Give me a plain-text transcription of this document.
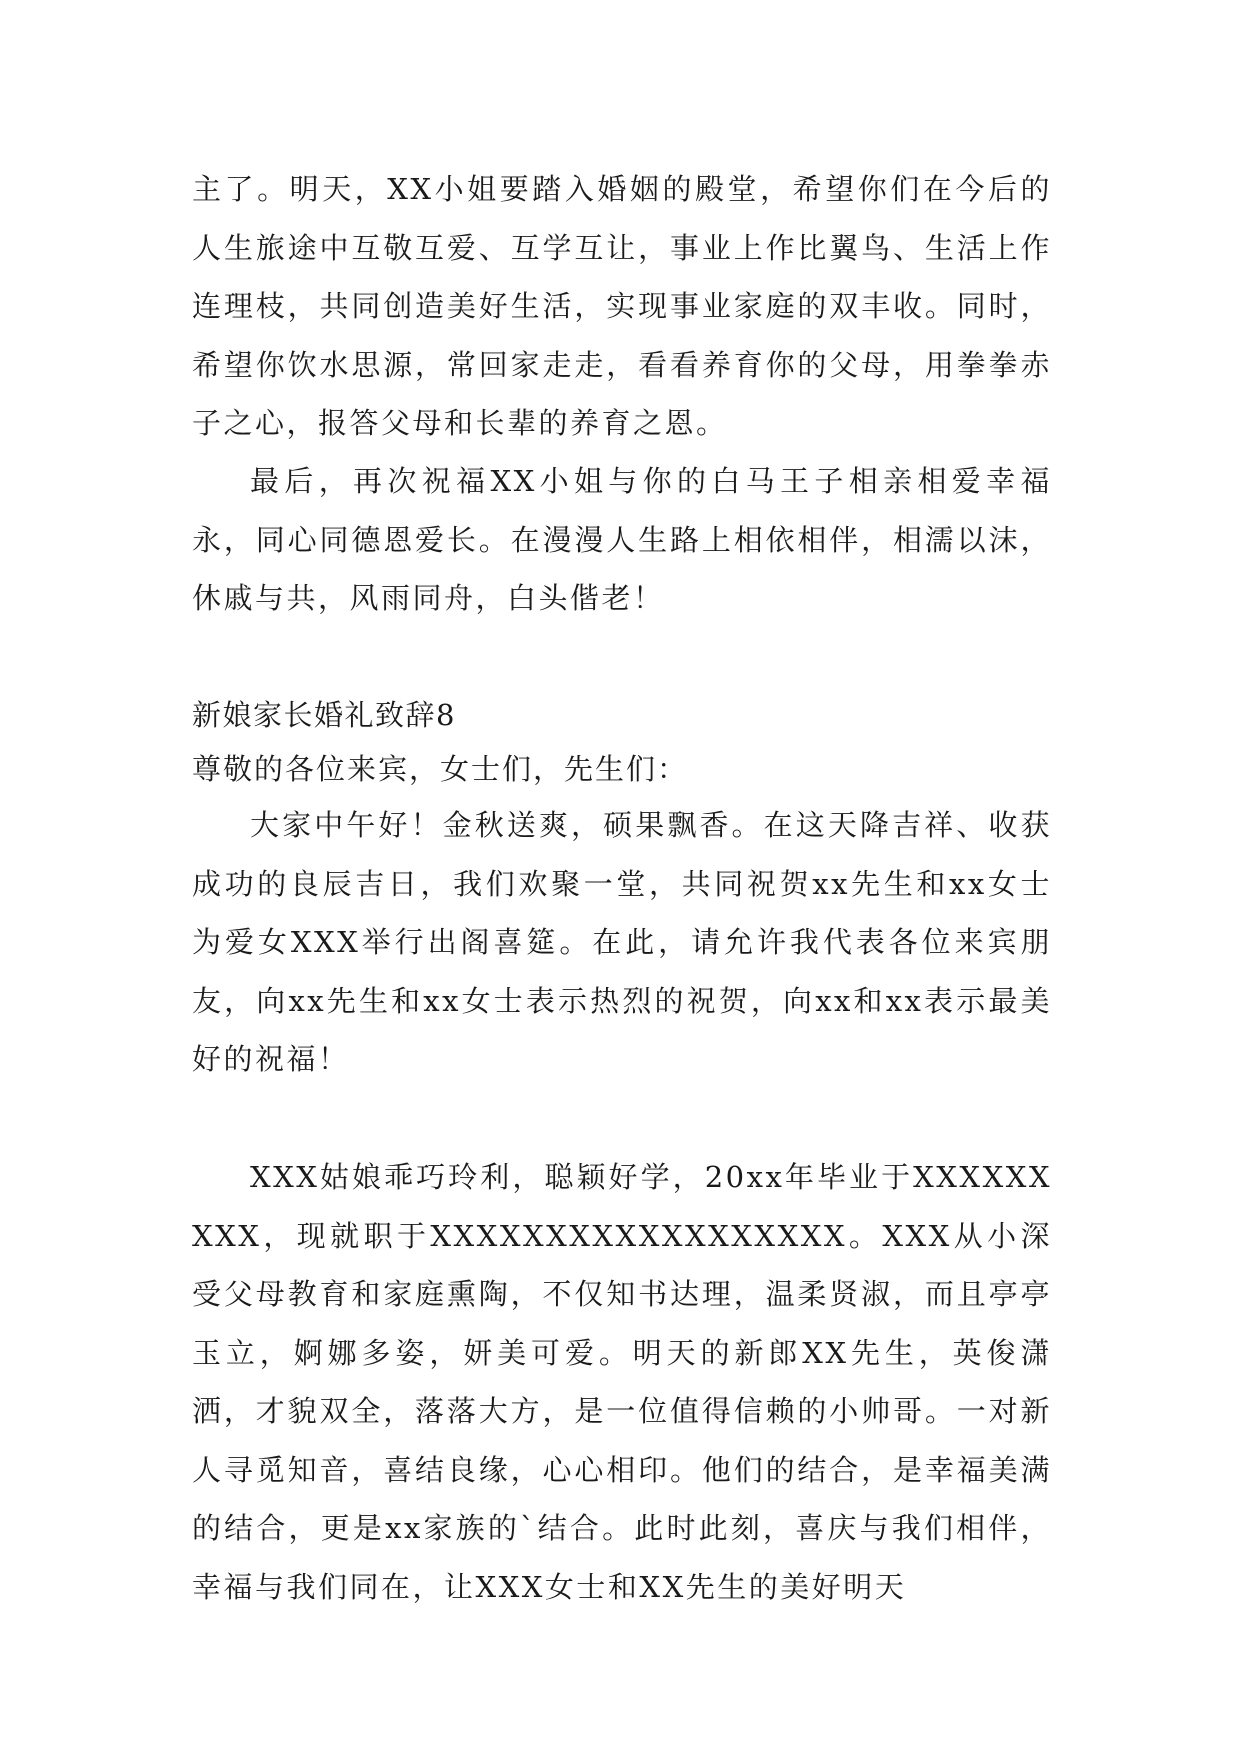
主了。明天，XX小姐要踏入婚姻的殿堂，希望你们在今后的人生旅途中互敬互爱、互学互让，事业上作比翼鸟、生活上作连理枝，共同创造美好生活，实现事业家庭的双丰收。同时，希望你饮水思源，常回家走走，看看养育你的父母，用拳拳赤子之心，报答父母和长辈的养育之恩。

最后，再次祝福XX小姐与你的白马王子相亲相爱幸福永，同心同德恩爱长。在漫漫人生路上相依相伴，相濡以沫，休戚与共，风雨同舟，白头偕老！

新娘家长婚礼致辞8

尊敬的各位来宾，女士们，先生们：

大家中午好！金秋送爽，硕果飘香。在这天降吉祥、收获成功的良辰吉日，我们欢聚一堂，共同祝贺xx先生和xx女士为爱女XXX举行出阁喜筵。在此，请允许我代表各位来宾朋友，向xx先生和xx女士表示热烈的祝贺，向xx和xx表示最美好的祝福！

XXX姑娘乖巧玲利，聪颖好学，20xx年毕业于XXXXXXXXX，现就职于XXXXXXXXXXXXXXXXXX。XXX从小深受父母教育和家庭熏陶，不仅知书达理，温柔贤淑，而且亭亭玉立，婀娜多姿，妍美可爱。明天的新郎XX先生，英俊潇洒，才貌双全，落落大方，是一位值得信赖的小帅哥。一对新人寻觅知音，喜结良缘，心心相印。他们的结合，是幸福美满的结合，更是xx家族的`结合。此时此刻，喜庆与我们相伴，幸福与我们同在，让XXX女士和XX先生的美好明天
